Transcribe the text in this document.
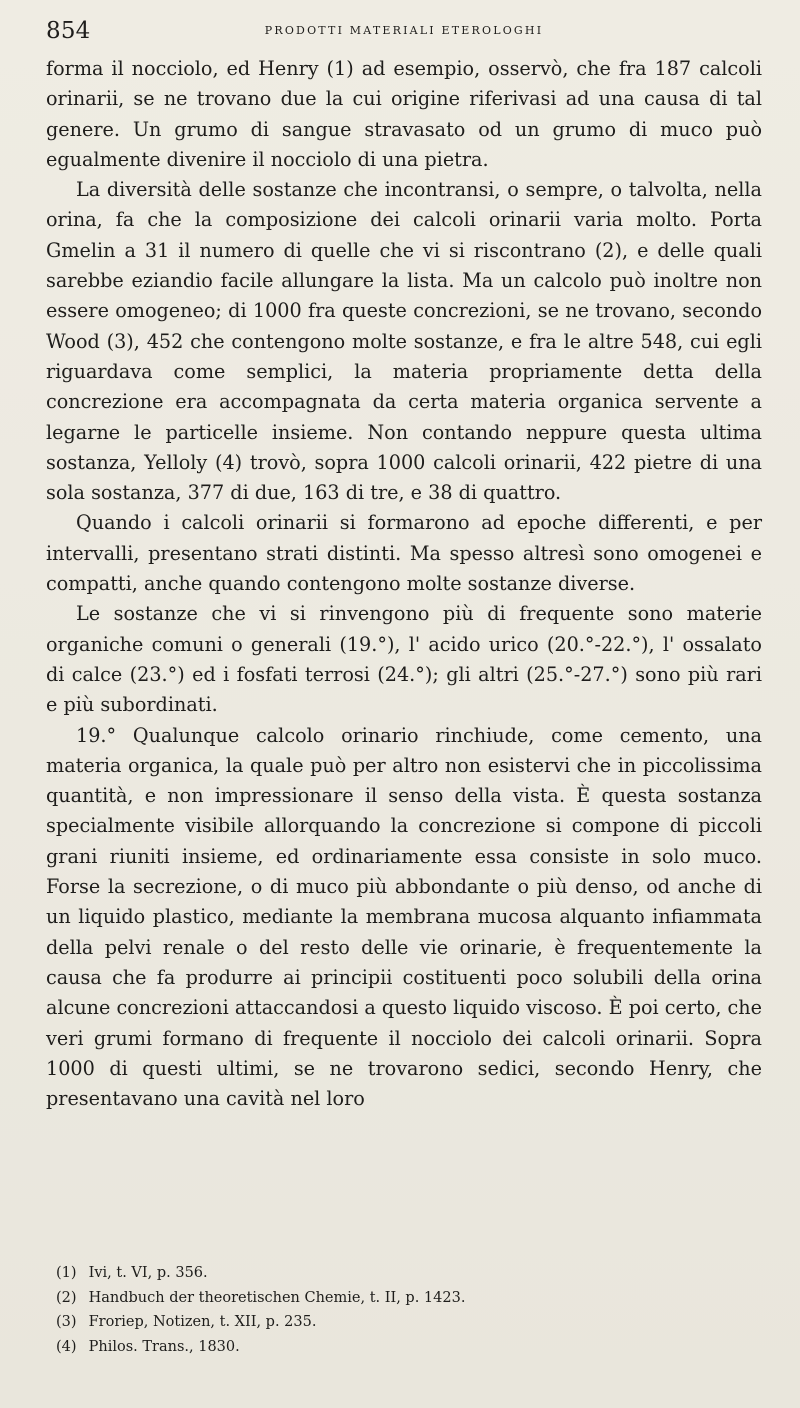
854	PRODOTTI MATERIALI ETEROLOGHI

forma il nocciolo, ed Henry (1) ad esempio, osservò, che fra 187 calcoli orinarii, se ne trovano due la cui origine riferivasi ad una causa di tal genere. Un grumo di sangue stravasato od un grumo di muco può egualmente divenire il nocciolo di una pietra.

La diversità delle sostanze che incontransi, o sempre, o talvolta, nella orina, fa che la composizione dei calcoli orinarii varia molto. Porta Gmelin a 31 il numero di quelle che vi si riscontrano (2), e delle quali sarebbe eziandio facile allungare la lista. Ma un calcolo può inoltre non essere omogeneo; di 1000 fra queste concrezioni, se ne trovano, secondo Wood (3), 452 che contengono molte sostanze, e fra le altre 548, cui egli riguardava come semplici, la materia propriamente detta della concrezione era accompagnata da certa materia organica servente a legarne le particelle insieme. Non contando neppure questa ultima sostanza, Yelloly (4) trovò, sopra 1000 calcoli orinarii, 422 pietre di una sola sostanza, 377 di due, 163 di tre, e 38 di quattro.

Quando i calcoli orinarii si formarono ad epoche differenti, e per intervalli, presentano strati distinti. Ma spesso altresì sono omogenei e compatti, anche quando contengono molte sostanze diverse.

Le sostanze che vi si rinvengono più di frequente sono materie organiche comuni o generali (19.°), l' acido urico (20.°-22.°), l' ossalato di calce (23.°) ed i fosfati terrosi (24.°); gli altri (25.°-27.°) sono più rari e più subordinati.

19.° Qualunque calcolo orinario rinchiude, come cemento, una materia organica, la quale può per altro non esistervi che in piccolissima quantità, e non impressionare il senso della vista. È questa sostanza specialmente visibile allorquando la concrezione si compone di piccoli grani riuniti insieme, ed ordinariamente essa consiste in solo muco. Forse la secrezione, o di muco più abbondante o più denso, od anche di un liquido plastico, mediante la membrana mucosa alquanto infiammata della pelvi renale o del resto delle vie orinarie, è frequentemente la causa che fa produrre ai principii costituenti poco solubili della orina alcune concrezioni attaccandosi a questo liquido viscoso. È poi certo, che veri grumi formano di frequente il nocciolo dei calcoli orinarii. Sopra 1000 di questi ultimi, se ne trovarono sedici, secondo Henry, che presentavano una cavità nel loro

(1) Ivi, t. VI, p. 356.
(2) Handbuch der theoretischen Chemie, t. II, p. 1423.
(3) Froriep, Notizen, t. XII, p. 235.
(4) Philos. Trans., 1830.
